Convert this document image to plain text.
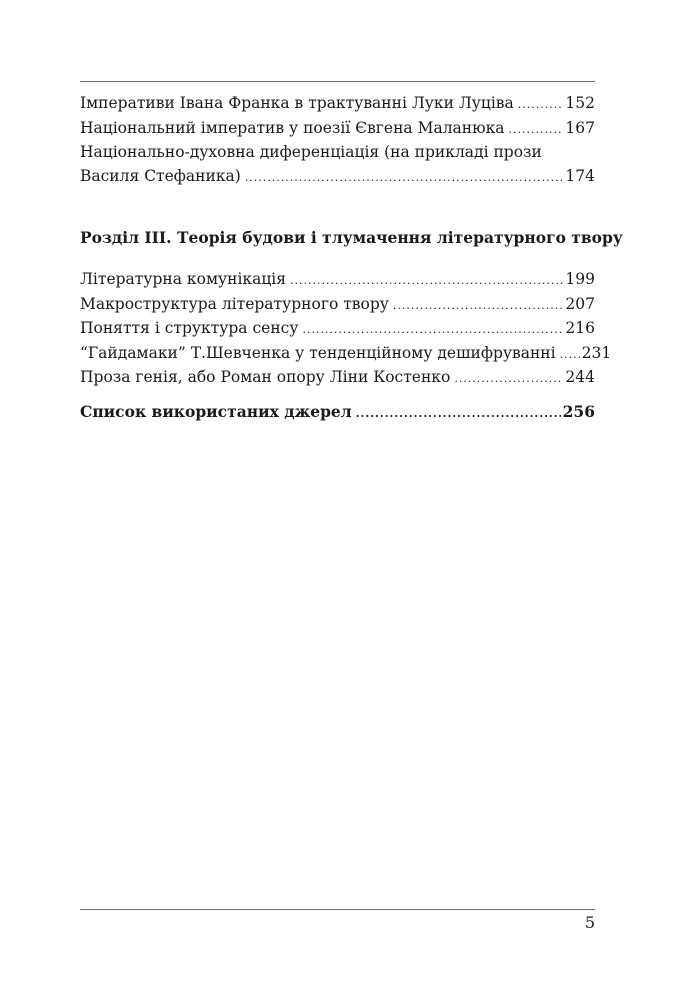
Імперативи Івана Франка в трактуванні Луки Луціва .....	152
Національний імператив у поезії Євгена Маланюка .....	167
Національно-духовна диференціація (на прикладі прози
Василя Стефаника) .....	174
Розділ ІІІ. Теорія будови і тлумачення літературного твору
Літературна комунікація .....	199
Макроструктура літературного твору .....	207
Поняття і структура сенсу .....	216
“Гайдамаки” Т.Шевченка у тенденційному дешифруванні ..... 231
Проза генія, або Роман опору Ліни Костенко .....	244
Список використаних джерел .....	256
5
